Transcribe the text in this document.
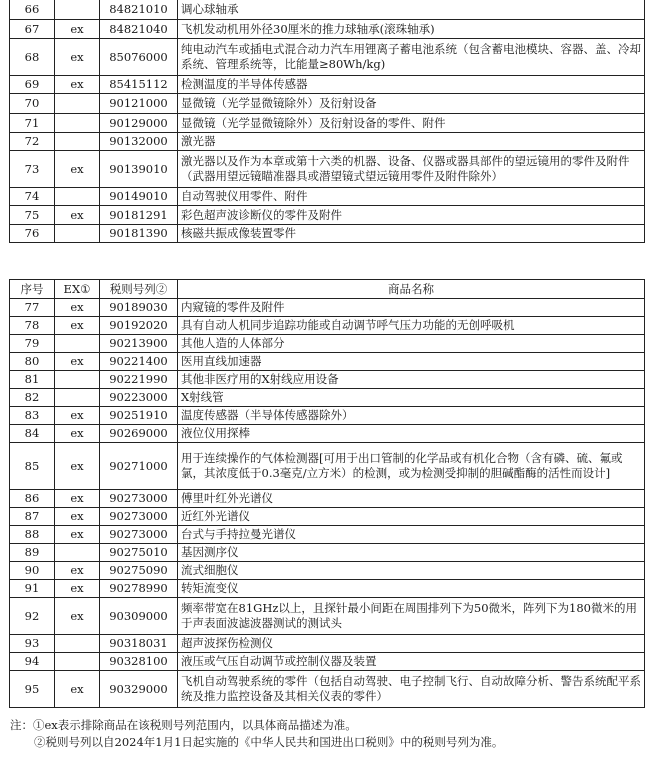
66		84821010	调心球轴承
67	ex	84821040	飞机发动机用外径30厘米的推力球轴承(滚珠轴承)
68	ex	85076000	纯电动汽车或插电式混合动力汽车用锂离子蓄电池系统（包含蓄电池模块、容器、盖、冷却系统、管理系统等，比能量≥80Wh/kg)
69	ex	85415112	检测温度的半导体传感器
70		90121000	显微镜（光学显微镜除外）及衍射设备
71		90129000	显微镜（光学显微镜除外）及衍射设备的零件、附件
72		90132000	激光器
73	ex	90139010	激光器以及作为本章或第十六类的机器、设备、仪器或器具部件的望远镜用的零件及附件（武器用望远镜瞄准器具或潜望镜式望远镜用零件及附件除外）
74		90149010	自动驾驶仪用零件、附件
75	ex	90181291	彩色超声波诊断仪的零件及附件
76		90181390	核磁共振成像装置零件
序号	EX①	税则号列②	商品名称
77	ex	90189030	内窥镜的零件及附件
78	ex	90192020	具有自动人机同步追踪功能或自动调节呼气压力功能的无创呼吸机
79		90213900	其他人造的人体部分
80	ex	90221400	医用直线加速器
81		90221990	其他非医疗用的X射线应用设备
82		90223000	X射线管
83	ex	90251910	温度传感器（半导体传感器除外）
84	ex	90269000	液位仪用探棒
85	ex	90271000	用于连续操作的气体检测器[可用于出口管制的化学品或有机化合物（含有磷、硫、氟或氯，其浓度低于0.3毫克/立方米）的检测，或为检测受抑制的胆碱酯酶的活性而设计]
86	ex	90273000	傅里叶红外光谱仪
87	ex	90273000	近红外光谱仪
88	ex	90273000	台式与手持拉曼光谱仪
89		90275010	基因测序仪
90	ex	90275090	流式细胞仪
91	ex	90278990	转矩流变仪
92	ex	90309000	频率带宽在81GHz以上，且探针最小间距在周围排列下为50微米，阵列下为180微米的用于声表面波滤波器测试的测试头
93		90318031	超声波探伤检测仪
94		90328100	液压或气压自动调节或控制仪器及装置
95	ex	90329000	飞机自动驾驶系统的零件（包括自动驾驶、电子控制飞行、自动故障分析、警告系统配平系统及推力监控设备及其相关仪表的零件）
注：①ex表示排除商品在该税则号列范围内，以具体商品描述为准。
②税则号列以自2024年1月1日起实施的《中华人民共和国进出口税则》中的税则号列为准。
